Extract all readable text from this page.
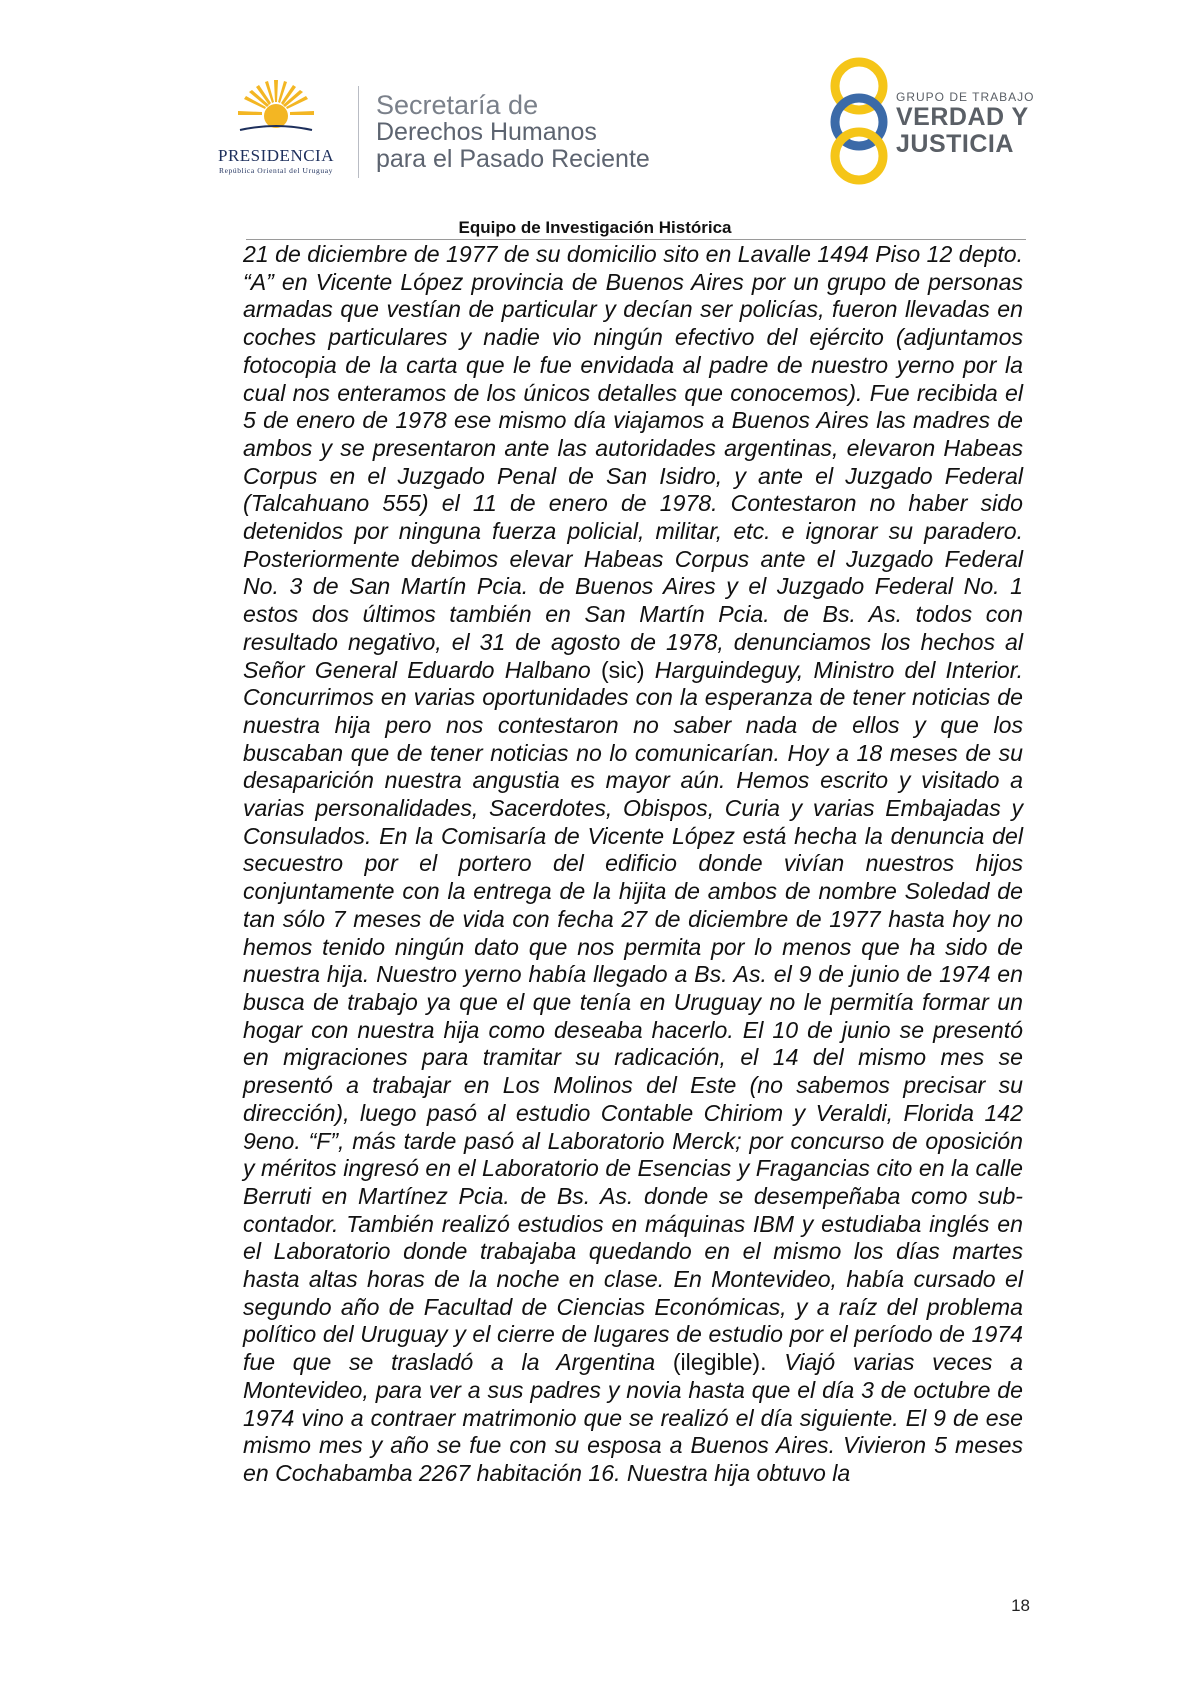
PRESIDENCIA
República Oriental del Uruguay
Secretaría de
Derechos Humanos
para el Pasado Reciente
GRUPO DE TRABAJO
VERDAD Y
JUSTICIA
Equipo de Investigación Histórica
21 de diciembre de 1977 de su domicilio sito en Lavalle 1494 Piso 12 depto. “A” en Vicente López provincia de Buenos Aires por un grupo de personas armadas que vestían de particular y decían ser policías, fueron llevadas en coches particulares y nadie vio ningún efectivo del ejército (adjuntamos fotocopia de la carta que le fue envidada al padre de nuestro yerno por la cual nos enteramos de los únicos detalles que conocemos). Fue recibida el 5 de enero de 1978 ese mismo día viajamos a Buenos Aires las madres de ambos y se presentaron ante las autoridades argentinas, elevaron Habeas Corpus en el Juzgado Penal de San Isidro, y ante el Juzgado Federal (Talcahuano 555) el 11 de enero de 1978. Contestaron no haber sido detenidos por ninguna fuerza policial, militar, etc. e ignorar su paradero. Posteriormente debimos elevar Habeas Corpus ante el Juzgado Federal No. 3 de San Martín Pcia. de Buenos Aires y el Juzgado Federal No. 1 estos dos últimos también en San Martín Pcia. de Bs. As. todos con resultado negativo, el 31 de agosto de 1978, denunciamos los hechos al Señor General Eduardo Halbano (sic) Harguindeguy, Ministro del Interior. Concurrimos en varias oportunidades con la esperanza de tener noticias de nuestra hija pero nos contestaron no saber nada de ellos y que los buscaban que de tener noticias no lo comunicarían. Hoy a 18 meses de su desaparición nuestra angustia es mayor aún. Hemos escrito y visitado a varias personalidades, Sacerdotes, Obispos, Curia y varias Embajadas y Consulados. En la Comisaría de Vicente López está hecha la denuncia del secuestro por el portero del edificio donde vivían nuestros hijos conjuntamente con la entrega de la hijita de ambos de nombre Soledad de tan sólo 7 meses de vida con fecha 27 de diciembre de 1977 hasta hoy no hemos tenido ningún dato que nos permita por lo menos que ha sido de nuestra hija. Nuestro yerno había llegado a Bs. As. el 9 de junio de 1974 en busca de trabajo ya que el que tenía en Uruguay no le permitía formar un hogar con nuestra hija como deseaba hacerlo. El 10 de junio se presentó en migraciones para tramitar su radicación, el 14 del mismo mes se presentó a trabajar en Los Molinos del Este (no sabemos precisar su dirección), luego pasó al estudio Contable Chiriom y Veraldi, Florida 142 9eno. “F”, más tarde pasó al Laboratorio Merck; por concurso de oposición y méritos ingresó en el Laboratorio de Esencias y Fragancias cito en la calle Berruti en Martínez Pcia. de Bs. As. donde se desempeñaba como sub-contador. También realizó estudios en máquinas IBM y estudiaba inglés en el Laboratorio donde trabajaba quedando en el mismo los días martes hasta altas horas de la noche en clase. En Montevideo, había cursado el segundo año de Facultad de Ciencias Económicas, y a raíz del problema político del Uruguay y el cierre de lugares de estudio por el período de 1974 fue que se trasladó a la Argentina (ilegible). Viajó varias veces a Montevideo, para ver a sus padres y novia hasta que el día 3 de octubre de 1974 vino a contraer matrimonio que se realizó el día siguiente. El 9 de ese mismo mes y año se fue con su esposa a Buenos Aires. Vivieron 5 meses en Cochabamba 2267 habitación 16. Nuestra hija obtuvo la
18
